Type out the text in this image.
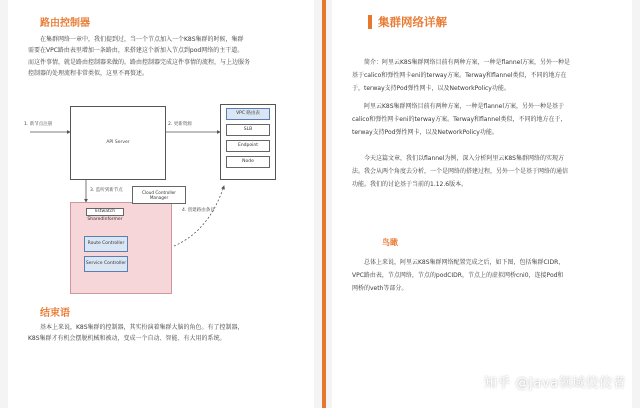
路由控制器
在集群网络一章中，我们提到过，当一个节点加入一个K8S集群的时候，集群
需要在VPC路由表里增加一条路由，来搭建这个新加入节点到pod网络的主干道。
而这件事情，就是路由控制器来做的。路由控制器完成这件事情的流程，与上边服务
控制器的处理流程非常类似，这里不再赘述。
API Server
1. 新节点注册	2. 更新资源
3. 监听到新节点
4. 创建路由条目
VPC 路由表
SLB
Endpoint
Node
Cloud Controller Manager
listwatch
SharedInformer
Route Controller
Service Controller
结束语
基本上来说，K8S集群的控制器，其实扮演着集群大脑的角色。有了控制器，
K8S集群才有机会摆脱机械和被动，变成一个自动、智能、有大用的系统。
集群网络详解
简介：阿里云K8S集群网络目前有两种方案，一种是flannel方案，另外一种是
基于calico和弹性网卡eni的terway方案。Terway和flannel类似，不同的地方在
于，terway支持Pod弹性网卡，以及NetworkPolicy功能。
阿里云K8S集群网络目前有两种方案，一种是flannel方案，另外一种是基于
calico和弹性网卡eni的terway方案。Terway和flannel类似，不同的地方在于，
terway支持Pod弹性网卡，以及NetworkPolicy功能。
今天这篇文章，我们以flannel为例，深入分析阿里云K8S集群网络的实现方
法。我会从两个角度去分析，一个是网络的搭建过程，另外一个是基于网络的通信
功能。我们的讨论基于当前的1.12.6版本。
鸟瞰
总体上来说，阿里云K8S集群网络配置完成之后，如下图，包括集群CIDR，
VPC路由表，节点网络，节点的podCIDR，节点上的虚拟网桥cni0，连接Pod和
网桥的veth等部分。
知乎 @Java领域佼佼者
